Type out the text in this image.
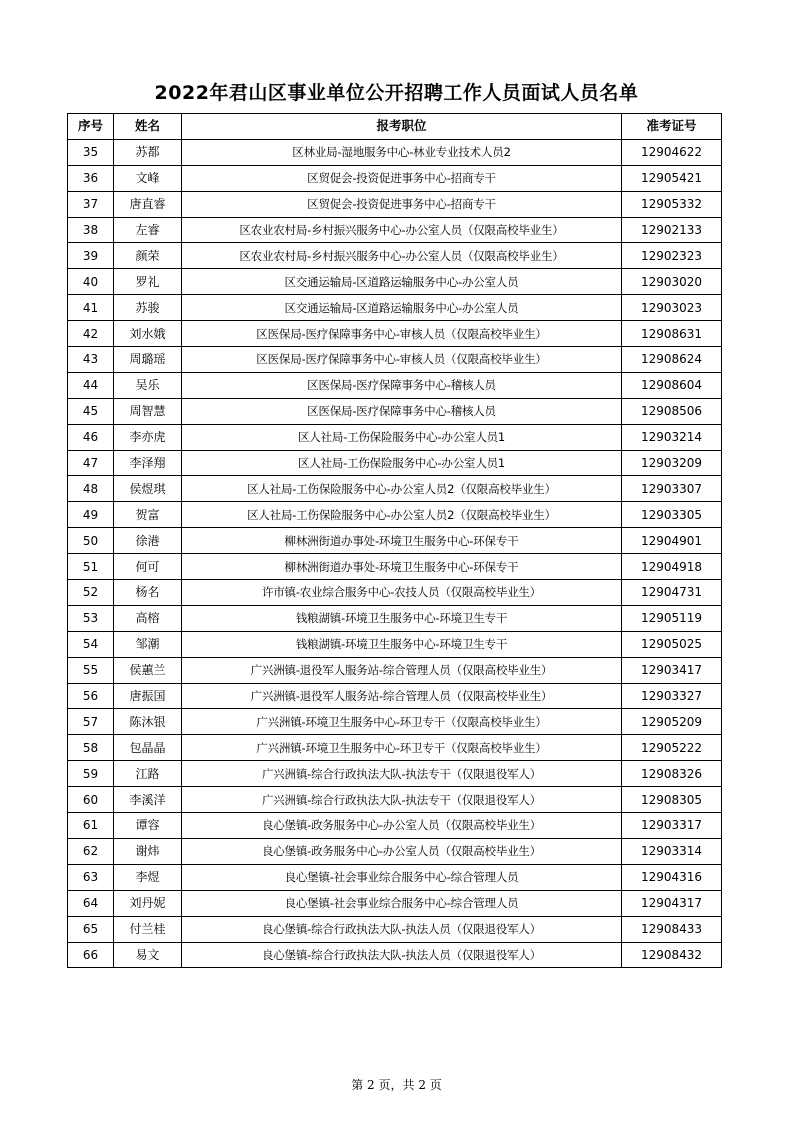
2022年君山区事业单位公开招聘工作人员面试人员名单
序号	姓名	报考职位	准考证号
35	苏都	区林业局-湿地服务中心-林业专业技术人员2	12904622
36	文峰	区贸促会-投资促进事务中心-招商专干	12905421
37	唐直睿	区贸促会-投资促进事务中心-招商专干	12905332
38	左睿	区农业农村局-乡村振兴服务中心-办公室人员（仅限高校毕业生）	12902133
39	颜荣	区农业农村局-乡村振兴服务中心-办公室人员（仅限高校毕业生）	12902323
40	罗礼	区交通运输局-区道路运输服务中心-办公室人员	12903020
41	苏骏	区交通运输局-区道路运输服务中心-办公室人员	12903023
42	刘水娥	区医保局-医疗保障事务中心-审核人员（仅限高校毕业生）	12908631
43	周璐瑶	区医保局-医疗保障事务中心-审核人员（仅限高校毕业生）	12908624
44	吴乐	区医保局-医疗保障事务中心-稽核人员	12908604
45	周智慧	区医保局-医疗保障事务中心-稽核人员	12908506
46	李亦虎	区人社局-工伤保险服务中心-办公室人员1	12903214
47	李泽翔	区人社局-工伤保险服务中心-办公室人员1	12903209
48	侯煜琪	区人社局-工伤保险服务中心-办公室人员2（仅限高校毕业生）	12903307
49	贺富	区人社局-工伤保险服务中心-办公室人员2（仅限高校毕业生）	12903305
50	徐港	柳林洲街道办事处-环境卫生服务中心-环保专干	12904901
51	何可	柳林洲街道办事处-环境卫生服务中心-环保专干	12904918
52	杨名	许市镇-农业综合服务中心-农技人员（仅限高校毕业生）	12904731
53	高榕	钱粮湖镇-环境卫生服务中心-环境卫生专干	12905119
54	邹潮	钱粮湖镇-环境卫生服务中心-环境卫生专干	12905025
55	侯蕙兰	广兴洲镇-退役军人服务站-综合管理人员（仅限高校毕业生）	12903417
56	唐振国	广兴洲镇-退役军人服务站-综合管理人员（仅限高校毕业生）	12903327
57	陈沐银	广兴洲镇-环境卫生服务中心-环卫专干（仅限高校毕业生）	12905209
58	包晶晶	广兴洲镇-环境卫生服务中心-环卫专干（仅限高校毕业生）	12905222
59	江路	广兴洲镇-综合行政执法大队-执法专干（仅限退役军人）	12908326
60	李溪洋	广兴洲镇-综合行政执法大队-执法专干（仅限退役军人）	12908305
61	谭容	良心堡镇-政务服务中心-办公室人员（仅限高校毕业生）	12903317
62	谢炜	良心堡镇-政务服务中心-办公室人员（仅限高校毕业生）	12903314
63	李煜	良心堡镇-社会事业综合服务中心-综合管理人员	12904316
64	刘丹妮	良心堡镇-社会事业综合服务中心-综合管理人员	12904317
65	付兰桂	良心堡镇-综合行政执法大队-执法人员（仅限退役军人）	12908433
66	易文	良心堡镇-综合行政执法大队-执法人员（仅限退役军人）	12908432
第 2 页，共 2 页
